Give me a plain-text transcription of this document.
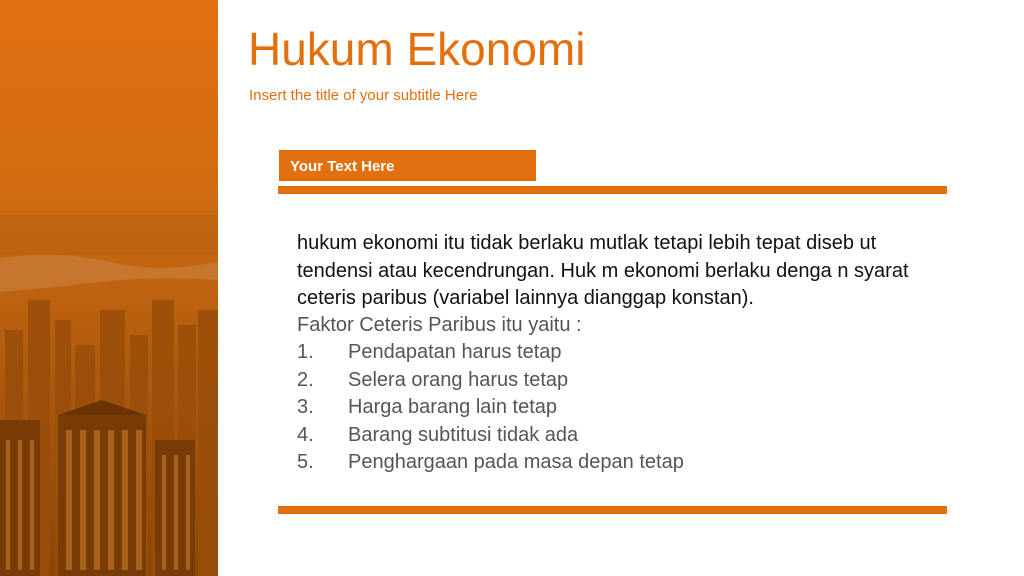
Hukum Ekonomi
Insert the title of your subtitle Here
Your Text Here

hukum ekonomi itu tidak berlaku mutlak tetapi lebih tepat diseb ut tendensi atau kecendrungan. Huk m ekonomi berlaku denga n syarat ceteris paribus (variabel lainnya dianggap konstan).

Faktor Ceteris Paribus itu yaitu :
1. Pendapatan harus tetap
2. Selera orang harus tetap
3. Harga barang lain tetap
4. Barang subtitusi tidak ada
5. Penghargaan pada masa depan tetap
